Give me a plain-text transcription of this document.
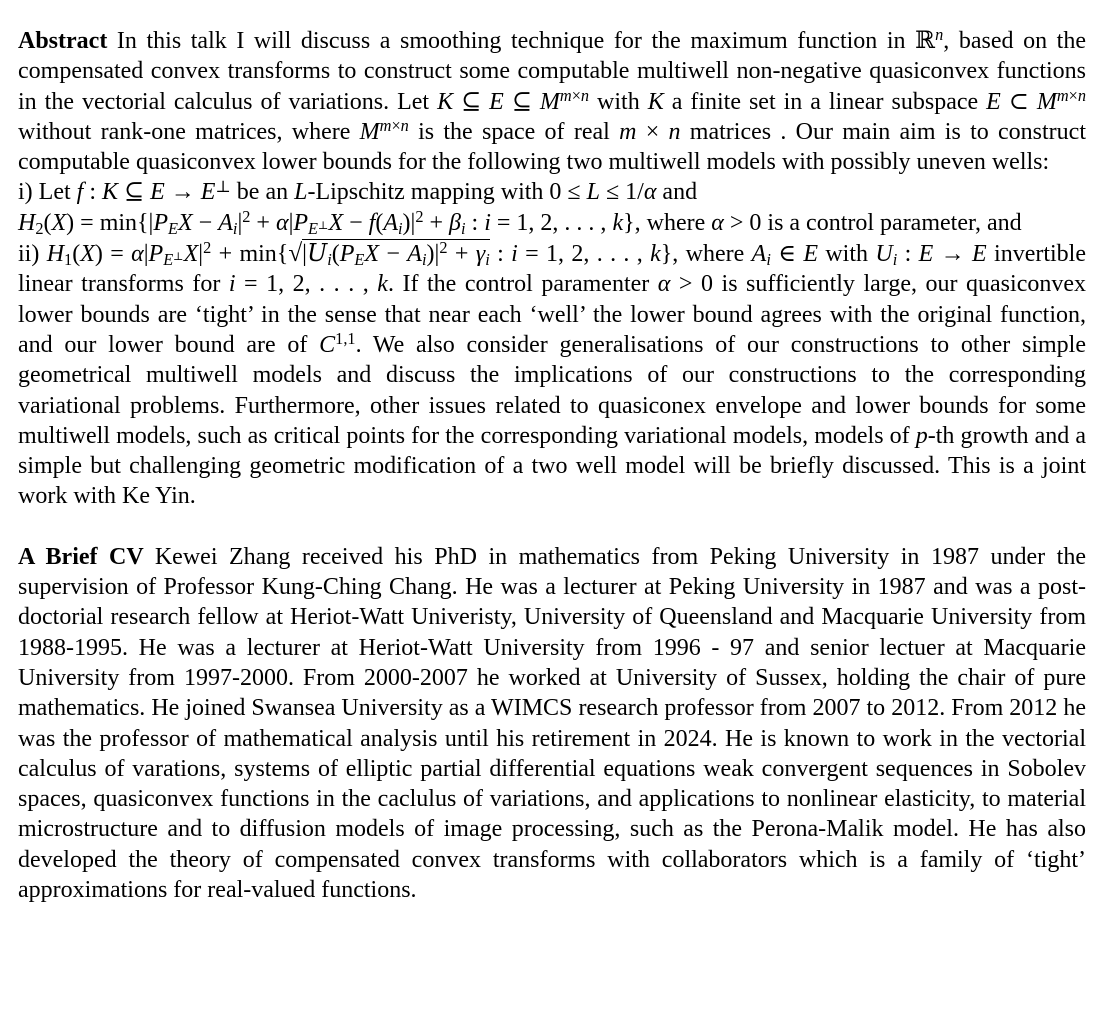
Abstract In this talk I will discuss a smoothing technique for the maximum function in ℝ$^n$, based on the compensated convex transforms to construct some computable multiwell non-negative quasiconvex functions in the vectorial calculus of variations. Let K ⊆ E ⊆ $M^{m\times n}$ with K a finite set in a linear subspace E ⊂ $M^{m\times n}$ without rank-one matrices, where $M^{m\times n}$ is the space of real m × n matrices . Our main aim is to construct computable quasiconvex lower bounds for the following two multiwell models with possibly uneven wells:
i) Let f : K ⊆ E → E⊥ be an L-Lipschitz mapping with 0 ≤ L ≤ 1/α and
$H2(X) = \min\{|PEX - Ai|^2 + \alpha|PE^\perp X - f(Ai)|^2 + \beta i$ : i = 1, 2, . . . , k}, where α > 0 is a control parameter, and
ii) $H1(X) = \alpha|PE^\perp X|^2 + \min\{√|Ui(PEX - Ai)|^2 + \gamma i$ : i = 1, 2, . . . , k}, where Ai ∈ E with Ui : E → E invertible linear transforms for i = 1, 2, . . . , k. If the control paramenter α > 0 is sufficiently large, our quasiconvex lower bounds are ‘tight’ in the sense that near each ‘well’ the lower bound agrees with the original function, and our lower bound are of C$^{1,1}$. We also consider generalisations of our constructions to other simple geometrical multiwell models and discuss the implications of our constructions to the corresponding variational problems. Furthermore, other issues related to quasiconex envelope and lower bounds for some multiwell models, such as critical points for the corresponding variational models, models of p-th growth and a simple but challenging geometric modification of a two well model will be briefly discussed. This is a joint work with Ke Yin.
A Brief CV Kewei Zhang received his PhD in mathematics from Peking University in 1987 under the supervision of Professor Kung-Ching Chang. He was a lecturer at Peking University in 1987 and was a post-doctorial research fellow at Heriot-Watt Univeristy, University of Queensland and Macquarie University from 1988-1995. He was a lecturer at Heriot-Watt University from 1996 - 97 and senior lectuer at Macquarie University from 1997-2000. From 2000-2007 he worked at University of Sussex, holding the chair of pure mathematics. He joined Swansea University as a WIMCS research professor from 2007 to 2012. From 2012 he was the professor of mathematical analysis until his retirement in 2024. He is known to work in the vectorial calculus of varations, systems of elliptic partial differential equations weak convergent sequences in Sobolev spaces, quasiconvex functions in the caclulus of variations, and applications to nonlinear elasticity, to material microstructure and to diffusion models of image processing, such as the Perona-Malik model. He has also developed the theory of compensated convex transforms with collaborators which is a family of ‘tight’ approximations for real-valued functions.
